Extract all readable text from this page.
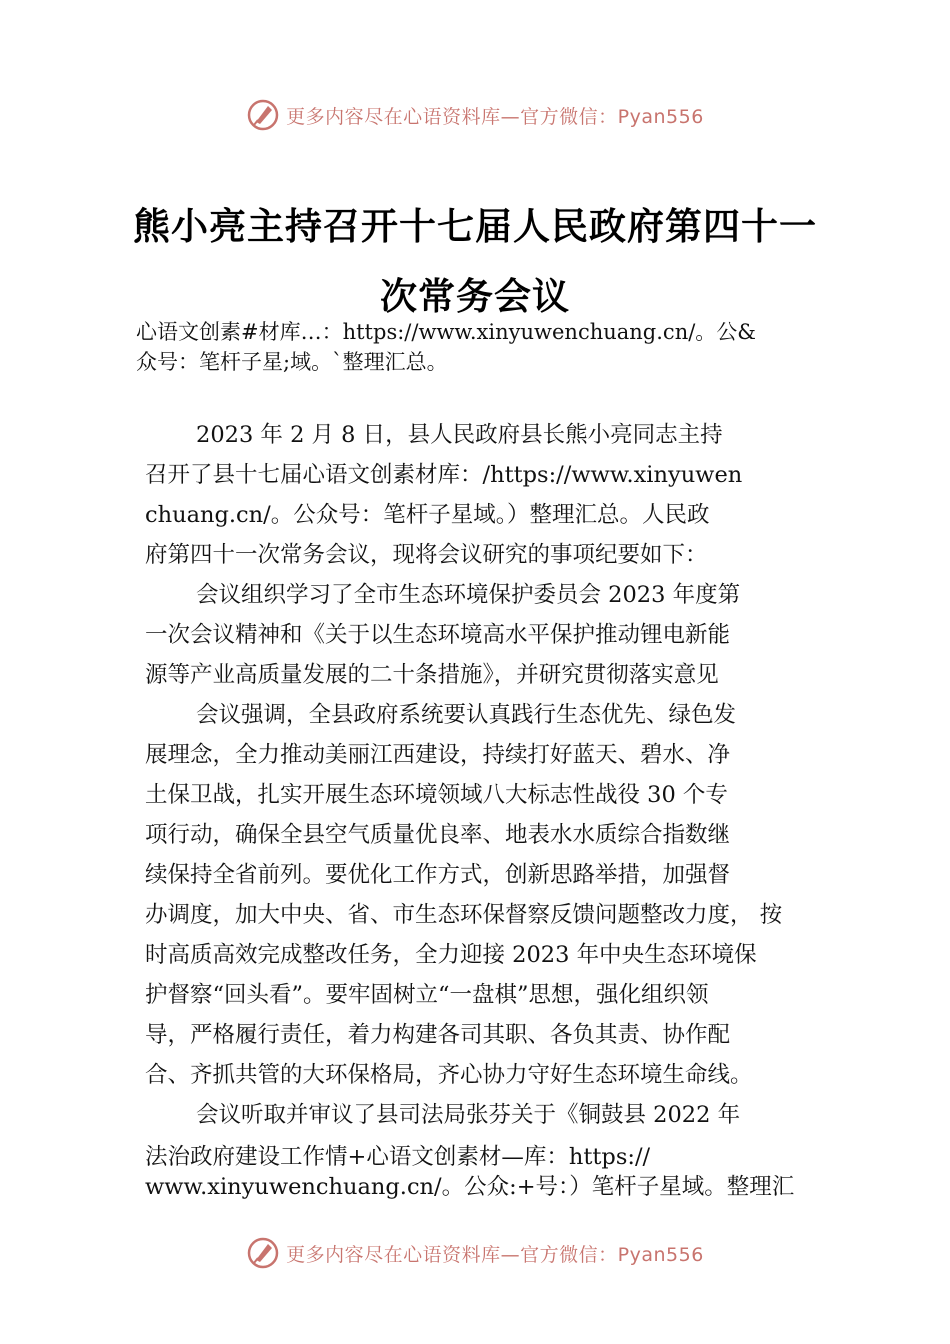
更多内容尽在心语资料库—官方微信：Pyan556
熊小亮主持召开十七届人民政府第四十一
次常务会议
心语文创素#材库…：https://www.xinyuwenchuang.cn/。公&
众号：笔杆子星;域。`整理汇总。
2023 年 2 月 8 日，县人民政府县长熊小亮同志主持
召开了县十七届心语文创素材库：/https://www.xinyuwen
chuang.cn/。公众号：笔杆子星域。）整理汇总。人民政
府第四十一次常务会议，现将会议研究的事项纪要如下：
会议组织学习了全市生态环境保护委员会 2023 年度第
一次会议精神和《关于以生态环境高水平保护推动锂电新能
源等产业高质量发展的二十条措施》，并研究贯彻落实意见
会议强调，全县政府系统要认真践行生态优先、绿色发
展理念，全力推动美丽江西建设，持续打好蓝天、碧水、净
土保卫战，扎实开展生态环境领域八大标志性战役 30 个专
项行动，确保全县空气质量优良率、地表水水质综合指数继
续保持全省前列。要优化工作方式，创新思路举措，加强督
办调度，加大中央、省、市生态环保督察反馈问题整改力度， 按
时高质高效完成整改任务，全力迎接 2023 年中央生态环境保
护督察“回头看”。要牢固树立“一盘棋”思想，强化组织领
导，严格履行责任，着力构建各司其职、各负其责、协作配
合、齐抓共管的大环保格局，齐心协力守好生态环境生命线。
会议听取并审议了县司法局张芬关于《铜鼓县 2022 年
法治政府建设工作情+心语文创素材—库：https://
www.xinyuwenchuang.cn/。公众:+号：）笔杆子星域。整理汇
更多内容尽在心语资料库—官方微信：Pyan556
